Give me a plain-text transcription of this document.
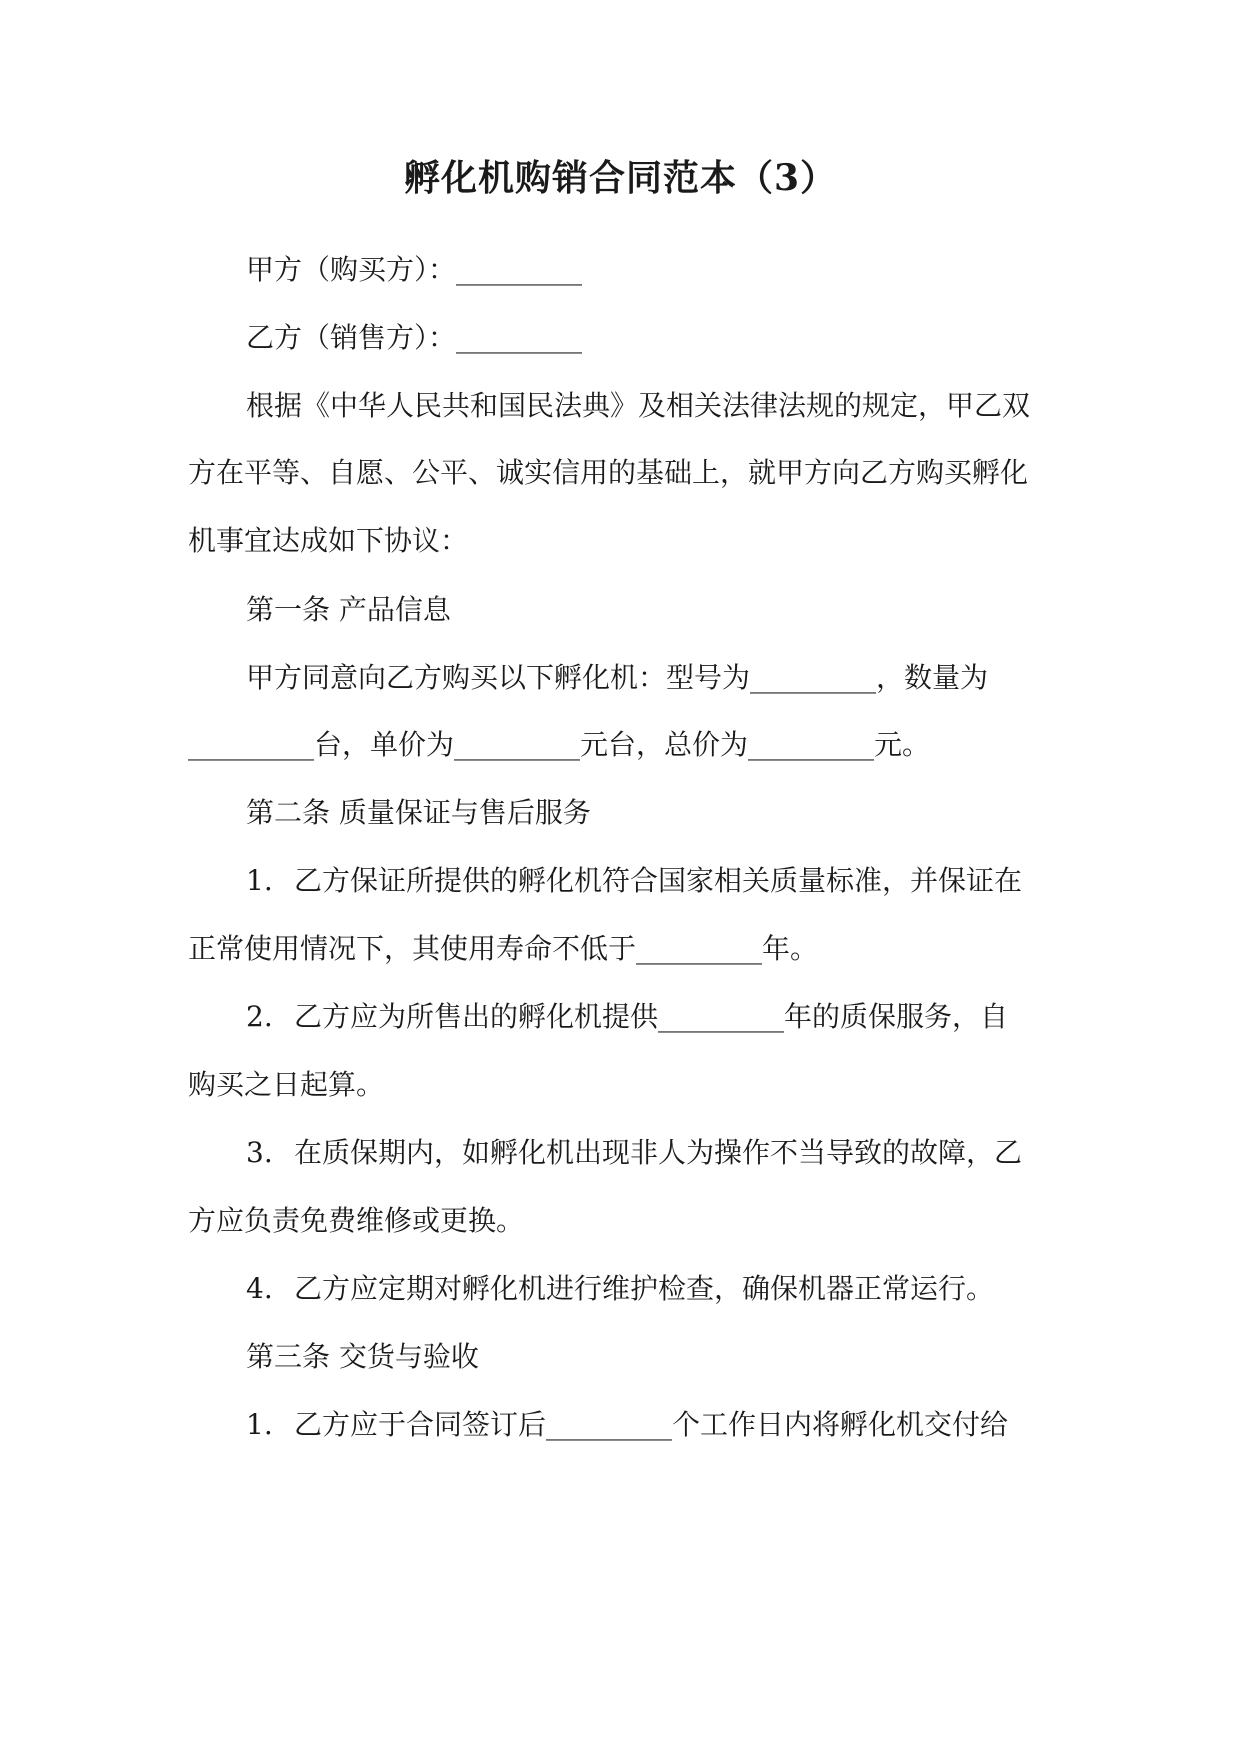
孵化机购销合同范本（3）
甲方（购买方）：_________
乙方（销售方）：_________
根据《中华人民共和国民法典》及相关法律法规的规定，甲乙双
方在平等、自愿、公平、诚实信用的基础上，就甲方向乙方购买孵化
机事宜达成如下协议：
第一条 产品信息
甲方同意向乙方购买以下孵化机：型号为_________，数量为
_________台，单价为_________元台，总价为_________元。
第二条 质量保证与售后服务
1. 乙方保证所提供的孵化机符合国家相关质量标准，并保证在
正常使用情况下，其使用寿命不低于_________年。
2. 乙方应为所售出的孵化机提供_________年的质保服务，自
购买之日起算。
3. 在质保期内，如孵化机出现非人为操作不当导致的故障，乙
方应负责免费维修或更换。
4. 乙方应定期对孵化机进行维护检查，确保机器正常运行。
第三条 交货与验收
1. 乙方应于合同签订后_________个工作日内将孵化机交付给
